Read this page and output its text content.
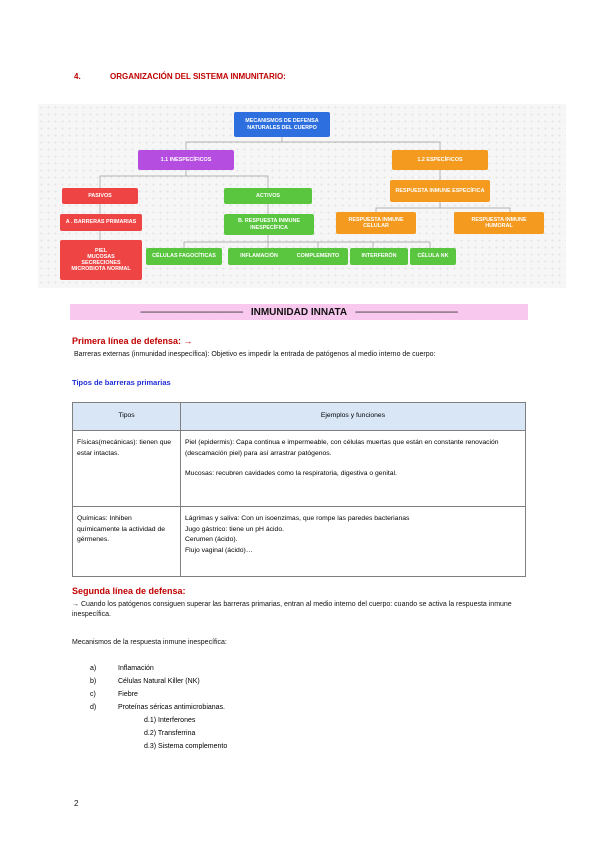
4.	ORGANIZACIÓN DEL SISTEMA INMUNITARIO:
MECANISMOS DE DEFENSA NATURALES DEL CUERPO
1.1 INESPECÍFICOS	1.2 ESPECÍFICOS
PASIVOS	ACTIVOS
RESPUESTA INMUNE ESPECÍFICA
A . BARRERAS PRIMARIAS	B. RESPUESTA INMUNE INESPECÍFICA
RESPUESTA INMUNE CELULAR
RESPUESTA INMUNE HUMORAL
PIEL
MUCOSAS
SECRECIONES
MICROBIOTA NORMAL
CÉLULAS FAGOCÍTICAS	INFLAMACIÓN	COMPLEMENTO	INTERFERÓN	CÉLULA NK
-------------------------------------------------------- INMUNIDAD INNATA --------------------------------------------------------
Primera línea de defensa: →
Barreras externas (inmunidad inespecífica): Objetivo es impedir la entrada de patógenos al medio interno de cuerpo:
Tipos de barreras primarias
Tipos	Ejemplos y funciones
Físicas(mecánicas): tienen que estar intactas.	Piel (epidermis): Capa continua e impermeable, con células muertas que están en constante renovación (descamación piel) para así arrastrar patógenos.

Mucosas: recubren cavidades como la respiratoria, digestiva o genital.

Químicas: Inhiben químicamente la actividad de gérmenes.	Lágrimas y saliva: Con un isoenzimas, que rompe las paredes bacterianas

Jugo gástrico: tiene un pH ácido.

Cerumen (ácido).

Flujo vaginal (ácido)…

Segunda línea de defensa:
→ Cuando los patógenos consiguen superar las barreras primarias, entran al medio interno del cuerpo: cuando se activa la respuesta inmune inespecífica.
Mecanismos de la respuesta inmune inespecífica:
a)	Inflamación
b)	Células Natural Killer (NK)
c)	Fiebre
d)	Proteínas séricas antimicrobianas.
d.1) Interferones
d.2) Transferrina
d.3) Sistema complemento
2
